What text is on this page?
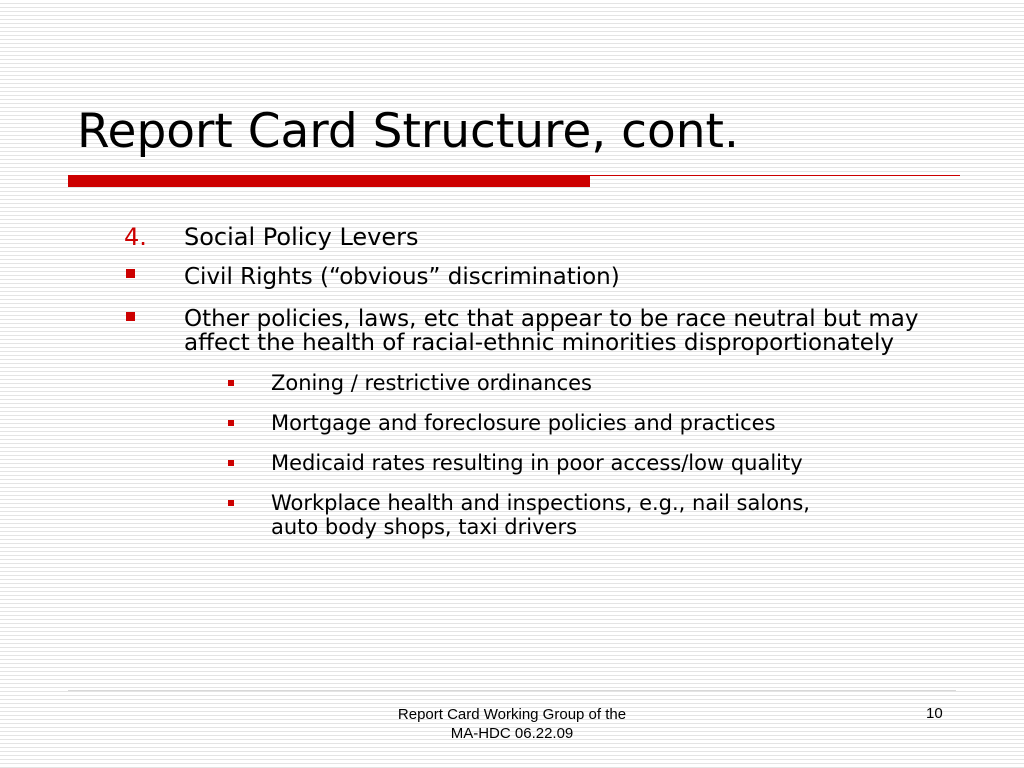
Report Card Structure, cont.
4. Social Policy Levers
Civil Rights (“obvious” discrimination)
Other policies, laws, etc that appear to be race neutral but may
affect the health of racial-ethnic minorities disproportionately
Zoning / restrictive ordinances
Mortgage and foreclosure policies and practices
Medicaid rates resulting in poor access/low quality
Workplace health and inspections, e.g., nail salons,
auto body shops, taxi drivers
Report Card Working Group of the
MA-HDC 06.22.09
10
